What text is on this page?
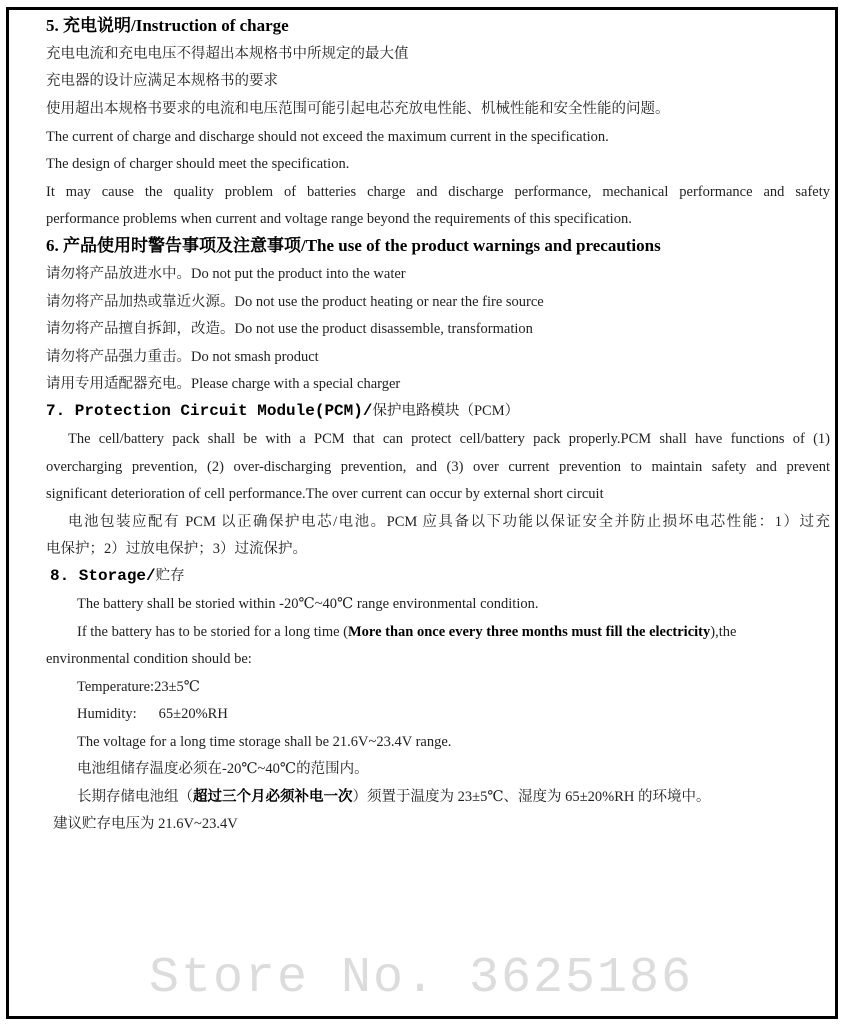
5. 充电说明/Instruction of charge
充电电流和充电电压不得超出本规格书中所规定的最大值
充电器的设计应满足本规格书的要求
使用超出本规格书要求的电流和电压范围可能引起电芯充放电性能、机械性能和安全性能的问题。
The current of charge and discharge should not exceed the maximum current in the specification.
The design of charger should meet the specification.
It may cause the quality problem of batteries charge and discharge performance, mechanical performance and safety
performance problems when current and voltage range beyond the requirements of this specification.
6. 产品使用时警告事项及注意事项/The use of the product warnings and precautions
请勿将产品放进水中。Do not put the product into the water
请勿将产品加热或靠近火源。Do not use the product heating or near the fire source
请勿将产品擅自拆卸，改造。Do not use the product disassemble, transformation
请勿将产品强力重击。Do not smash product
请用专用适配器充电。Please charge with a special charger
7. Protection Circuit Module(PCM)/保护电路模块（PCM）
The cell/battery pack shall be with a PCM that can protect cell/battery pack properly.PCM shall have functions of (1)
overcharging prevention, (2) over-discharging prevention, and (3) over current prevention to maintain safety and prevent
significant deterioration of cell performance.The over current can occur by external short circuit
电池包装应配有 PCM 以正确保护电芯/电池。PCM 应具备以下功能以保证安全并防止损坏电芯性能：1）过充
电保护；2）过放电保护；3）过流保护。
8. Storage/贮存
The battery shall be storied within -20℃~40℃ range environmental condition.
If the battery has to be storied for a long time (More than once every three months must fill the electricity),the
environmental condition should be:
Temperature:23±5℃
Humidity: 65±20%RH
The voltage for a long time storage shall be 21.6V~23.4V range.
电池组储存温度必须在-20℃~40℃的范围内。
长期存储电池组（超过三个月必须补电一次）须置于温度为 23±5℃、湿度为 65±20%RH 的环境中。
建议贮存电压为 21.6V~23.4V
Store No. 3625186
